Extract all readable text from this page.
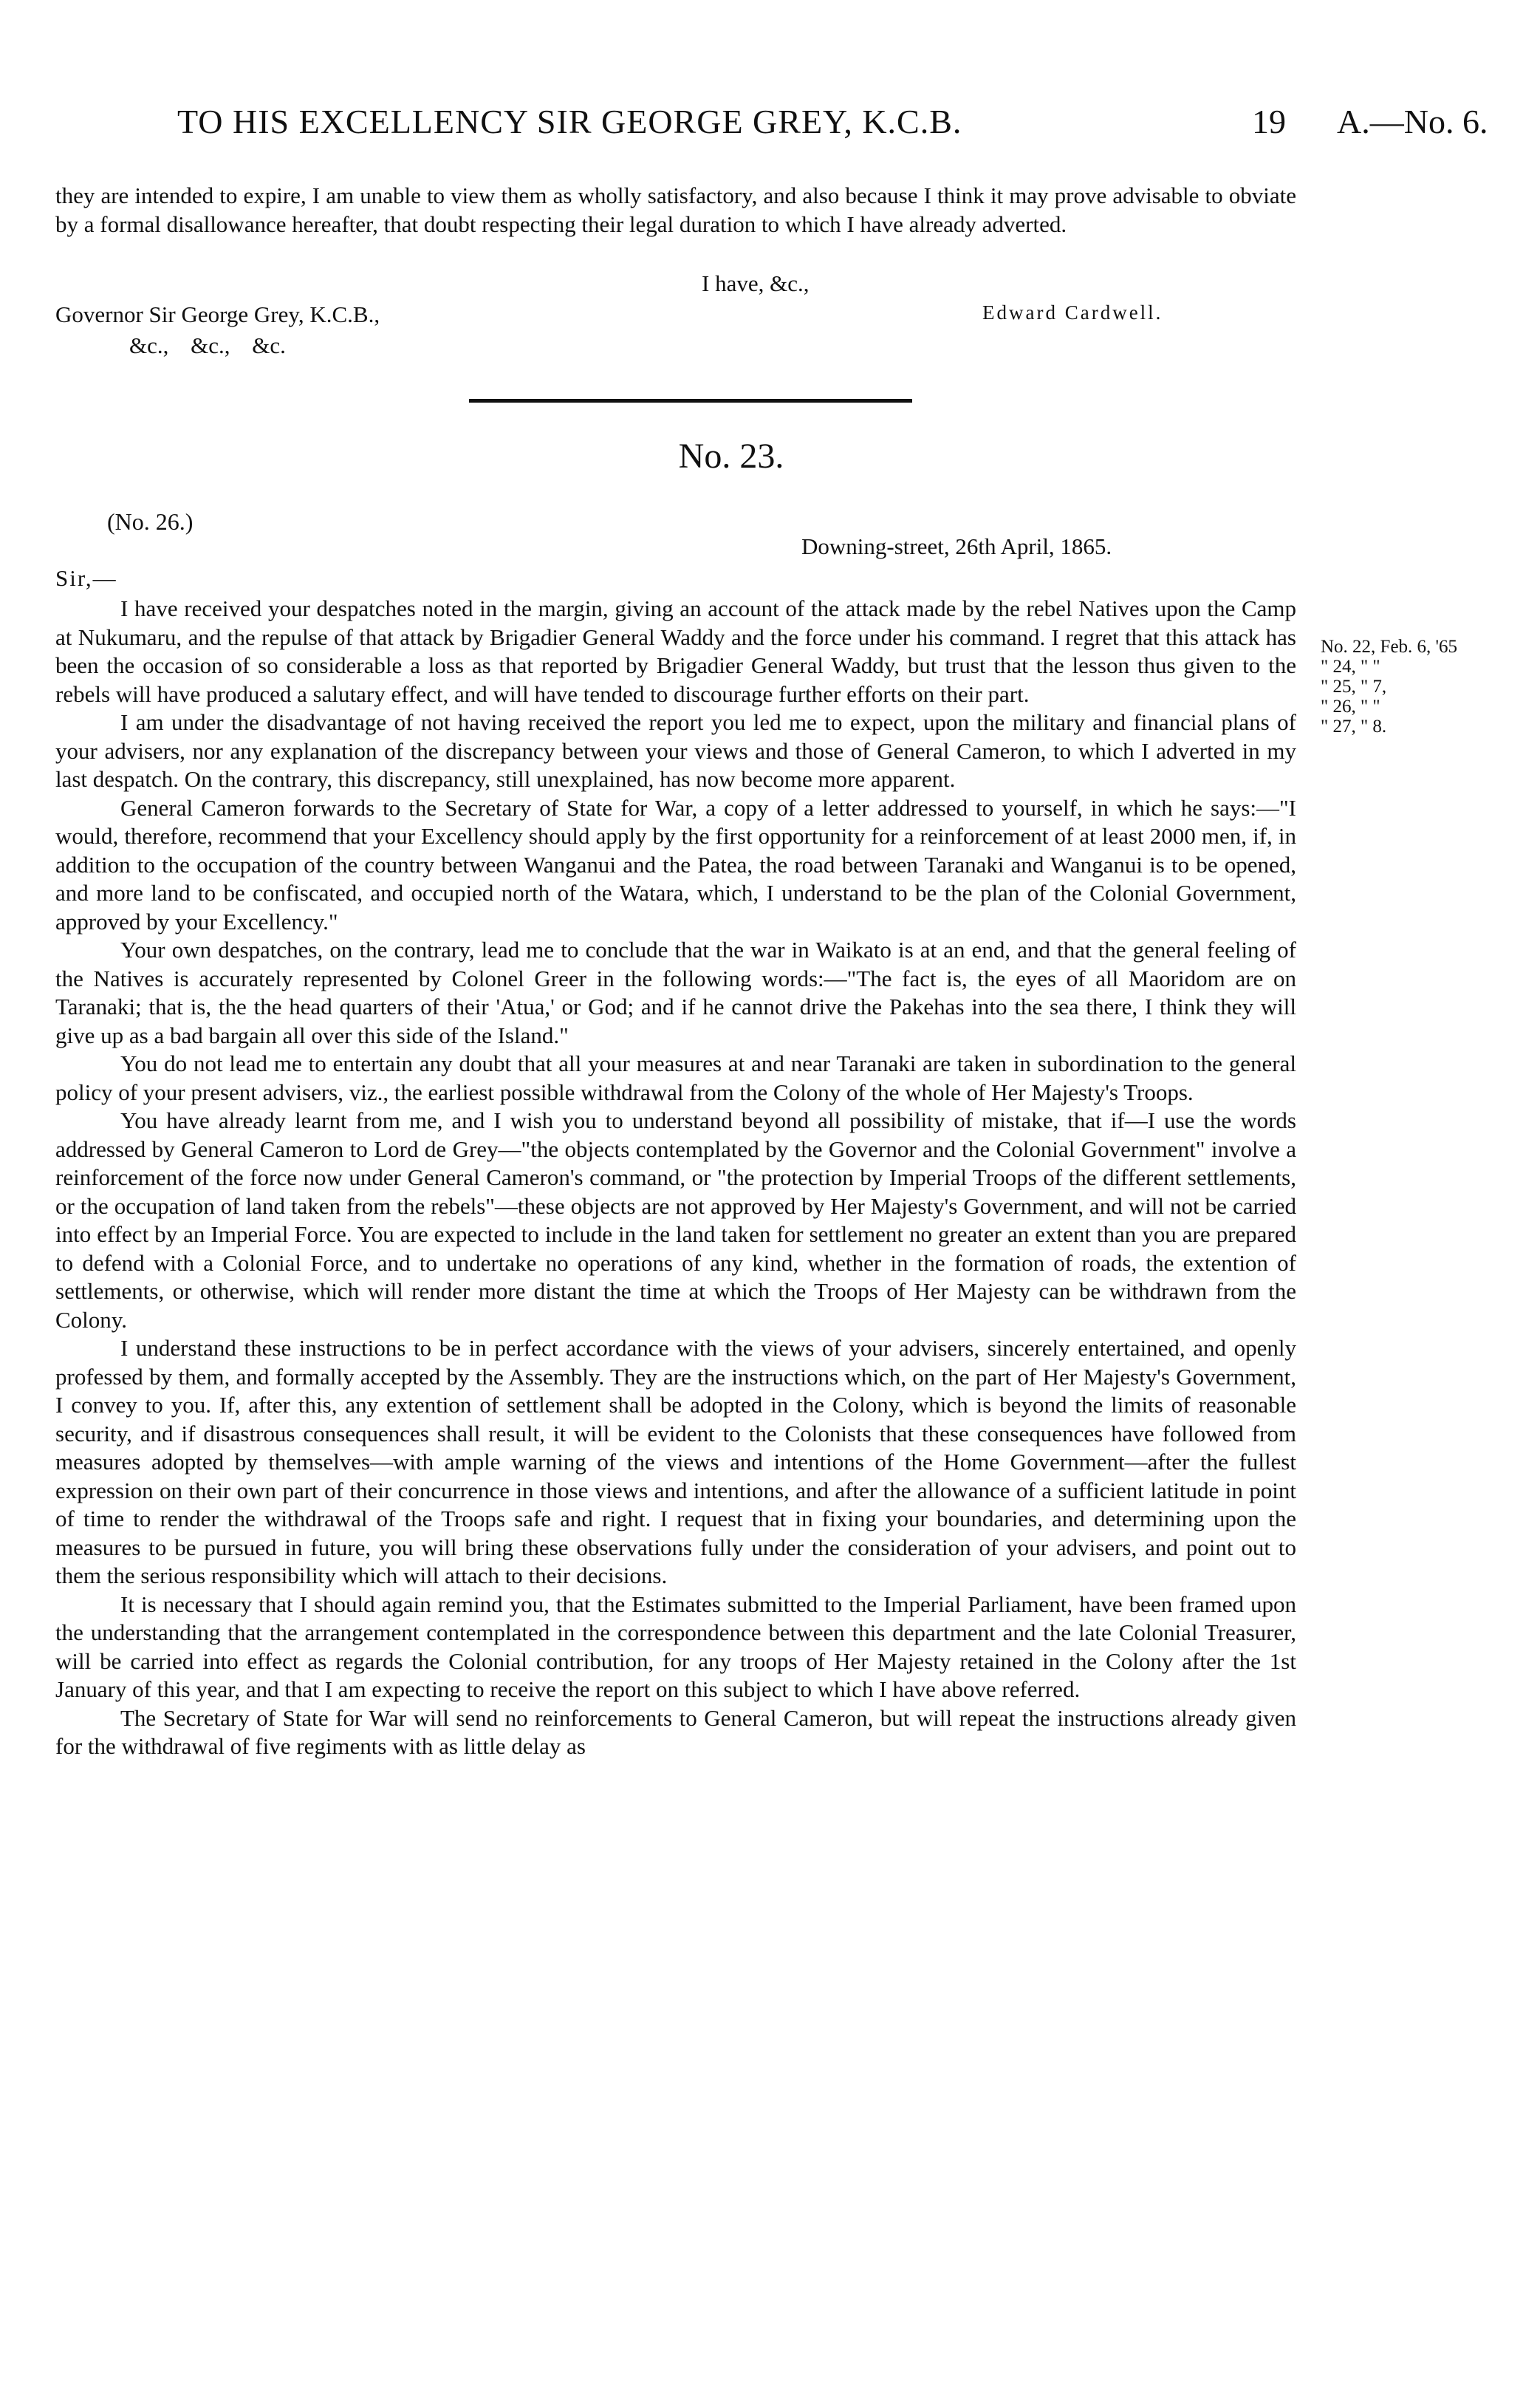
TO HIS EXCELLENCY SIR GEORGE GREY, K.C.B.	19 A.—No. 6.

they are intended to expire, I am unable to view them as wholly satisfactory, and also because I think it may prove advisable to obviate by a formal disallowance hereafter, that doubt respecting their legal duration to which I have already adverted.

I have, &c.,
Governor Sir George Grey, K.C.B.,	Edward Cardwell.
&c., &c., &c.
No. 23.
(No. 26.)
Downing-street, 26th April, 1865.
Sir,—
No. 22, Feb. 6, '65
" 24, " "
" 25, " 7,
" 26, " "
" 27, " 8.

I have received your despatches noted in the margin, giving an account of the attack made by the rebel Natives upon the Camp at Nukumaru, and the repulse of that attack by Brigadier General Waddy and the force under his command. I regret that this attack has been the occasion of so considerable a loss as that reported by Brigadier General Waddy, but trust that the lesson thus given to the rebels will have produced a salutary effect, and will have tended to discourage further efforts on their part.

I am under the disadvantage of not having received the report you led me to expect, upon the military and financial plans of your advisers, nor any explanation of the discrepancy between your views and those of General Cameron, to which I adverted in my last despatch. On the contrary, this discrepancy, still unexplained, has now become more apparent.

General Cameron forwards to the Secretary of State for War, a copy of a letter addressed to yourself, in which he says:—"I would, therefore, recommend that your Excellency should apply by the first opportunity for a reinforcement of at least 2000 men, if, in addition to the occupation of the country between Wanganui and the Patea, the road between Taranaki and Wanganui is to be opened, and more land to be confiscated, and occupied north of the Watara, which, I understand to be the plan of the Colonial Government, approved by your Excellency."

Your own despatches, on the contrary, lead me to conclude that the war in Waikato is at an end, and that the general feeling of the Natives is accurately represented by Colonel Greer in the following words:—"The fact is, the eyes of all Maoridom are on Taranaki; that is, the the head quarters of their 'Atua,' or God; and if he cannot drive the Pakehas into the sea there, I think they will give up as a bad bargain all over this side of the Island."

You do not lead me to entertain any doubt that all your measures at and near Taranaki are taken in subordination to the general policy of your present advisers, viz., the earliest possible withdrawal from the Colony of the whole of Her Majesty's Troops.

You have already learnt from me, and I wish you to understand beyond all possibility of mistake, that if—I use the words addressed by General Cameron to Lord de Grey—"the objects contemplated by the Governor and the Colonial Government" involve a reinforcement of the force now under General Cameron's command, or "the protection by Imperial Troops of the different settlements, or the occupation of land taken from the rebels"—these objects are not approved by Her Majesty's Government, and will not be carried into effect by an Imperial Force. You are expected to include in the land taken for settlement no greater an extent than you are prepared to defend with a Colonial Force, and to undertake no operations of any kind, whether in the formation of roads, the extention of settlements, or otherwise, which will render more distant the time at which the Troops of Her Majesty can be withdrawn from the Colony.

I understand these instructions to be in perfect accordance with the views of your advisers, sincerely entertained, and openly professed by them, and formally accepted by the Assembly. They are the instructions which, on the part of Her Majesty's Government, I convey to you. If, after this, any extention of settlement shall be adopted in the Colony, which is beyond the limits of reasonable security, and if disastrous consequences shall result, it will be evident to the Colonists that these consequences have followed from measures adopted by themselves—with ample warning of the views and intentions of the Home Government—after the fullest expression on their own part of their concurrence in those views and intentions, and after the allowance of a sufficient latitude in point of time to render the withdrawal of the Troops safe and right. I request that in fixing your boundaries, and determining upon the measures to be pursued in future, you will bring these observations fully under the consideration of your advisers, and point out to them the serious responsibility which will attach to their decisions.

It is necessary that I should again remind you, that the Estimates submitted to the Imperial Parliament, have been framed upon the understanding that the arrangement contemplated in the correspondence between this department and the late Colonial Treasurer, will be carried into effect as regards the Colonial contribution, for any troops of Her Majesty retained in the Colony after the 1st January of this year, and that I am expecting to receive the report on this subject to which I have above referred.

The Secretary of State for War will send no reinforcements to General Cameron, but will repeat the instructions already given for the withdrawal of five regiments with as little delay as
